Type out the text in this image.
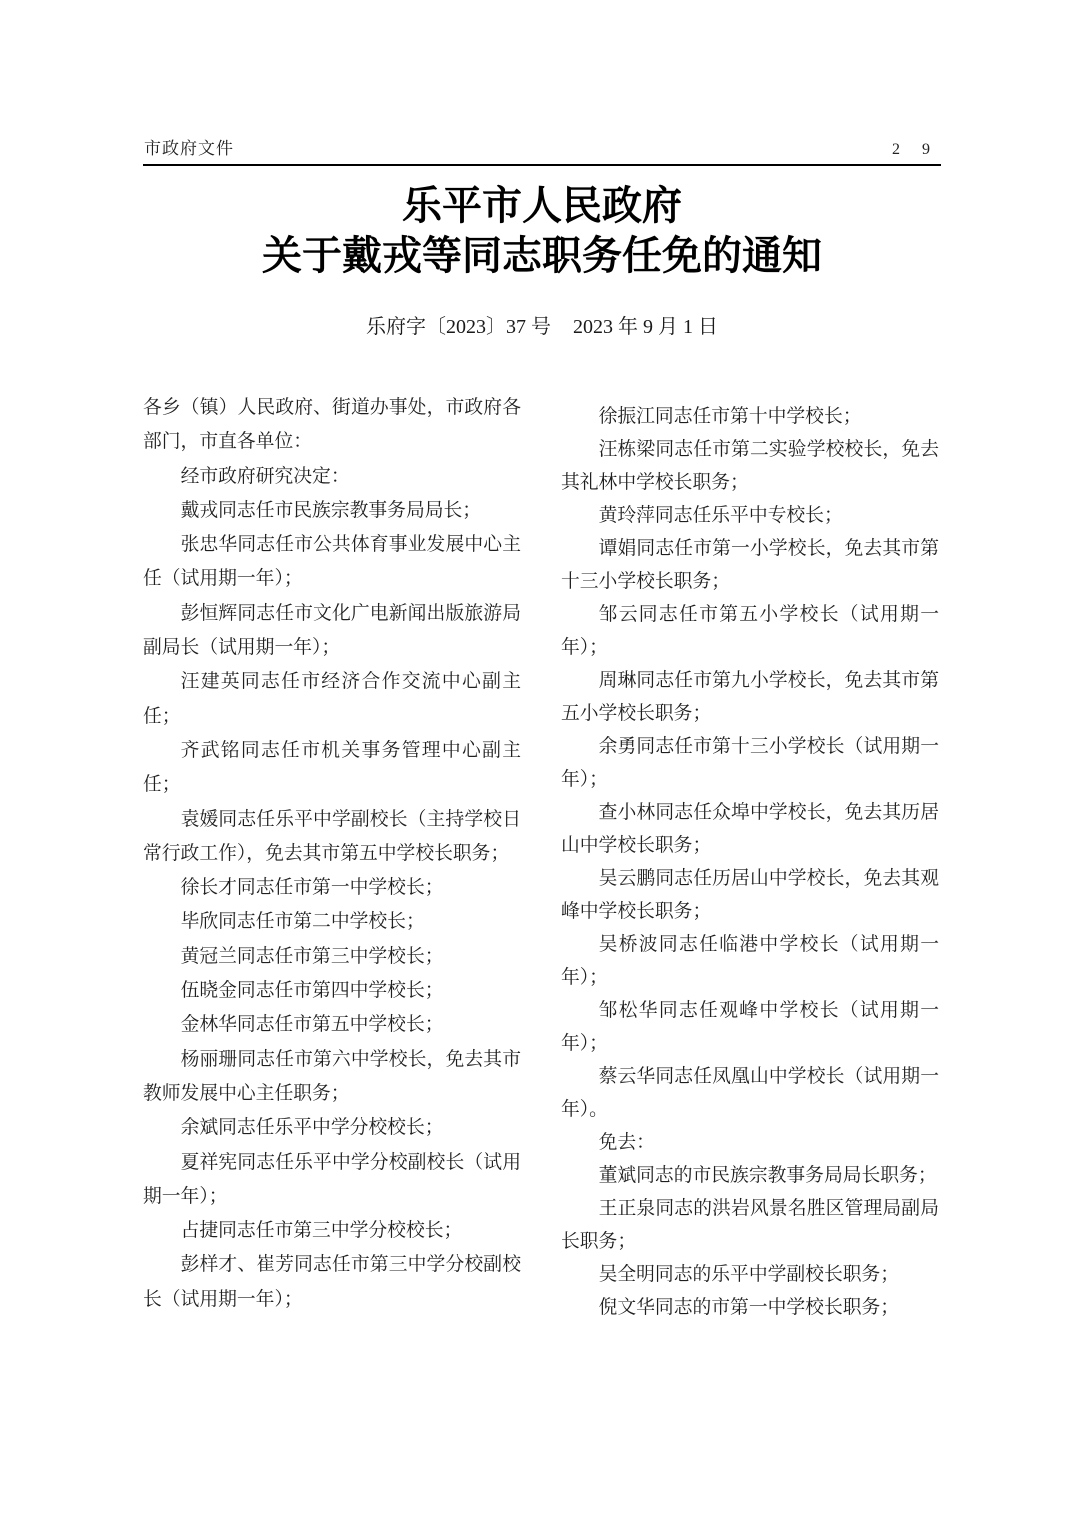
市政府文件	2 9
乐平市人民政府
关于戴戎等同志职务任免的通知
乐府字〔2023〕37 号 2023 年 9 月 1 日

各乡（镇）人民政府、街道办事处，市政府各部门，市直各单位：

经市政府研究决定：

戴戎同志任市民族宗教事务局局长；

张忠华同志任市公共体育事业发展中心主任（试用期一年）；

彭恒辉同志任市文化广电新闻出版旅游局副局长（试用期一年）；

汪建英同志任市经济合作交流中心副主任；

齐武铭同志任市机关事务管理中心副主任；

袁媛同志任乐平中学副校长（主持学校日常行政工作），免去其市第五中学校长职务；

徐长才同志任市第一中学校长；

毕欣同志任市第二中学校长；

黄冠兰同志任市第三中学校长；

伍晓金同志任市第四中学校长；

金林华同志任市第五中学校长；

杨丽珊同志任市第六中学校长，免去其市教师发展中心主任职务；

余斌同志任乐平中学分校校长；

夏祥宪同志任乐平中学分校副校长（试用期一年）；

占捷同志任市第三中学分校校长；

彭样才、崔芳同志任市第三中学分校副校长（试用期一年）；

徐振江同志任市第十中学校长；

汪栋梁同志任市第二实验学校校长，免去其礼林中学校长职务；

黄玲萍同志任乐平中专校长；

谭娟同志任市第一小学校长，免去其市第十三小学校长职务；

邹云同志任市第五小学校长（试用期一年）；

周琳同志任市第九小学校长，免去其市第五小学校长职务；

余勇同志任市第十三小学校长（试用期一年）；

查小林同志任众埠中学校长，免去其历居山中学校长职务；

吴云鹏同志任历居山中学校长，免去其观峰中学校长职务；

吴桥波同志任临港中学校长（试用期一年）；

邹松华同志任观峰中学校长（试用期一年）；

蔡云华同志任凤凰山中学校长（试用期一年）。

免去：

董斌同志的市民族宗教事务局局长职务；

王正泉同志的洪岩风景名胜区管理局副局长职务；

吴全明同志的乐平中学副校长职务；

倪文华同志的市第一中学校长职务；
